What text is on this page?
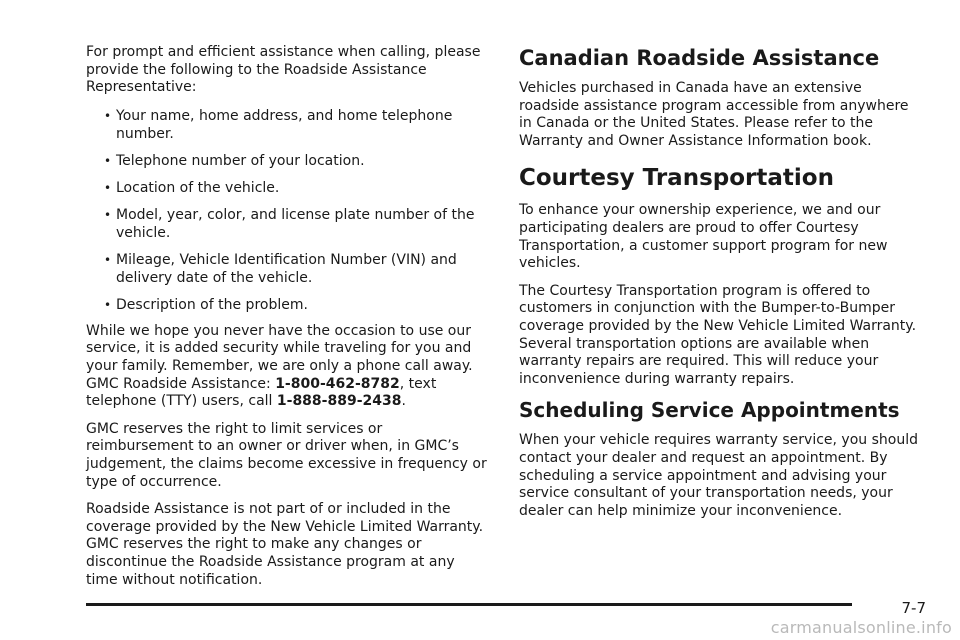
For prompt and efficient assistance when calling, please provide the following to the Roadside Assistance Representative:

• Your name, home address, and home telephone number.
• Telephone number of your location.
• Location of the vehicle.
• Model, year, color, and license plate number of the vehicle.
• Mileage, Vehicle Identification Number (VIN) and delivery date of the vehicle.
• Description of the problem.

While we hope you never have the occasion to use our service, it is added security while traveling for you and your family. Remember, we are only a phone call away. GMC Roadside Assistance: 1-800-462-8782, text telephone (TTY) users, call 1-888-889-2438.

GMC reserves the right to limit services or reimbursement to an owner or driver when, in GMC’s judgement, the claims become excessive in frequency or type of occurrence.

Roadside Assistance is not part of or included in the coverage provided by the New Vehicle Limited Warranty. GMC reserves the right to make any changes or discontinue the Roadside Assistance program at any time without notification.

Canadian Roadside Assistance

Vehicles purchased in Canada have an extensive roadside assistance program accessible from anywhere in Canada or the United States. Please refer to the Warranty and Owner Assistance Information book.

Courtesy Transportation

To enhance your ownership experience, we and our participating dealers are proud to offer Courtesy Transportation, a customer support program for new vehicles.

The Courtesy Transportation program is offered to customers in conjunction with the Bumper-to-Bumper coverage provided by the New Vehicle Limited Warranty. Several transportation options are available when warranty repairs are required. This will reduce your inconvenience during warranty repairs.

Scheduling Service Appointments

When your vehicle requires warranty service, you should contact your dealer and request an appointment. By scheduling a service appointment and advising your service consultant of your transportation needs, your dealer can help minimize your inconvenience.

7-7
carmanualsonline.info
